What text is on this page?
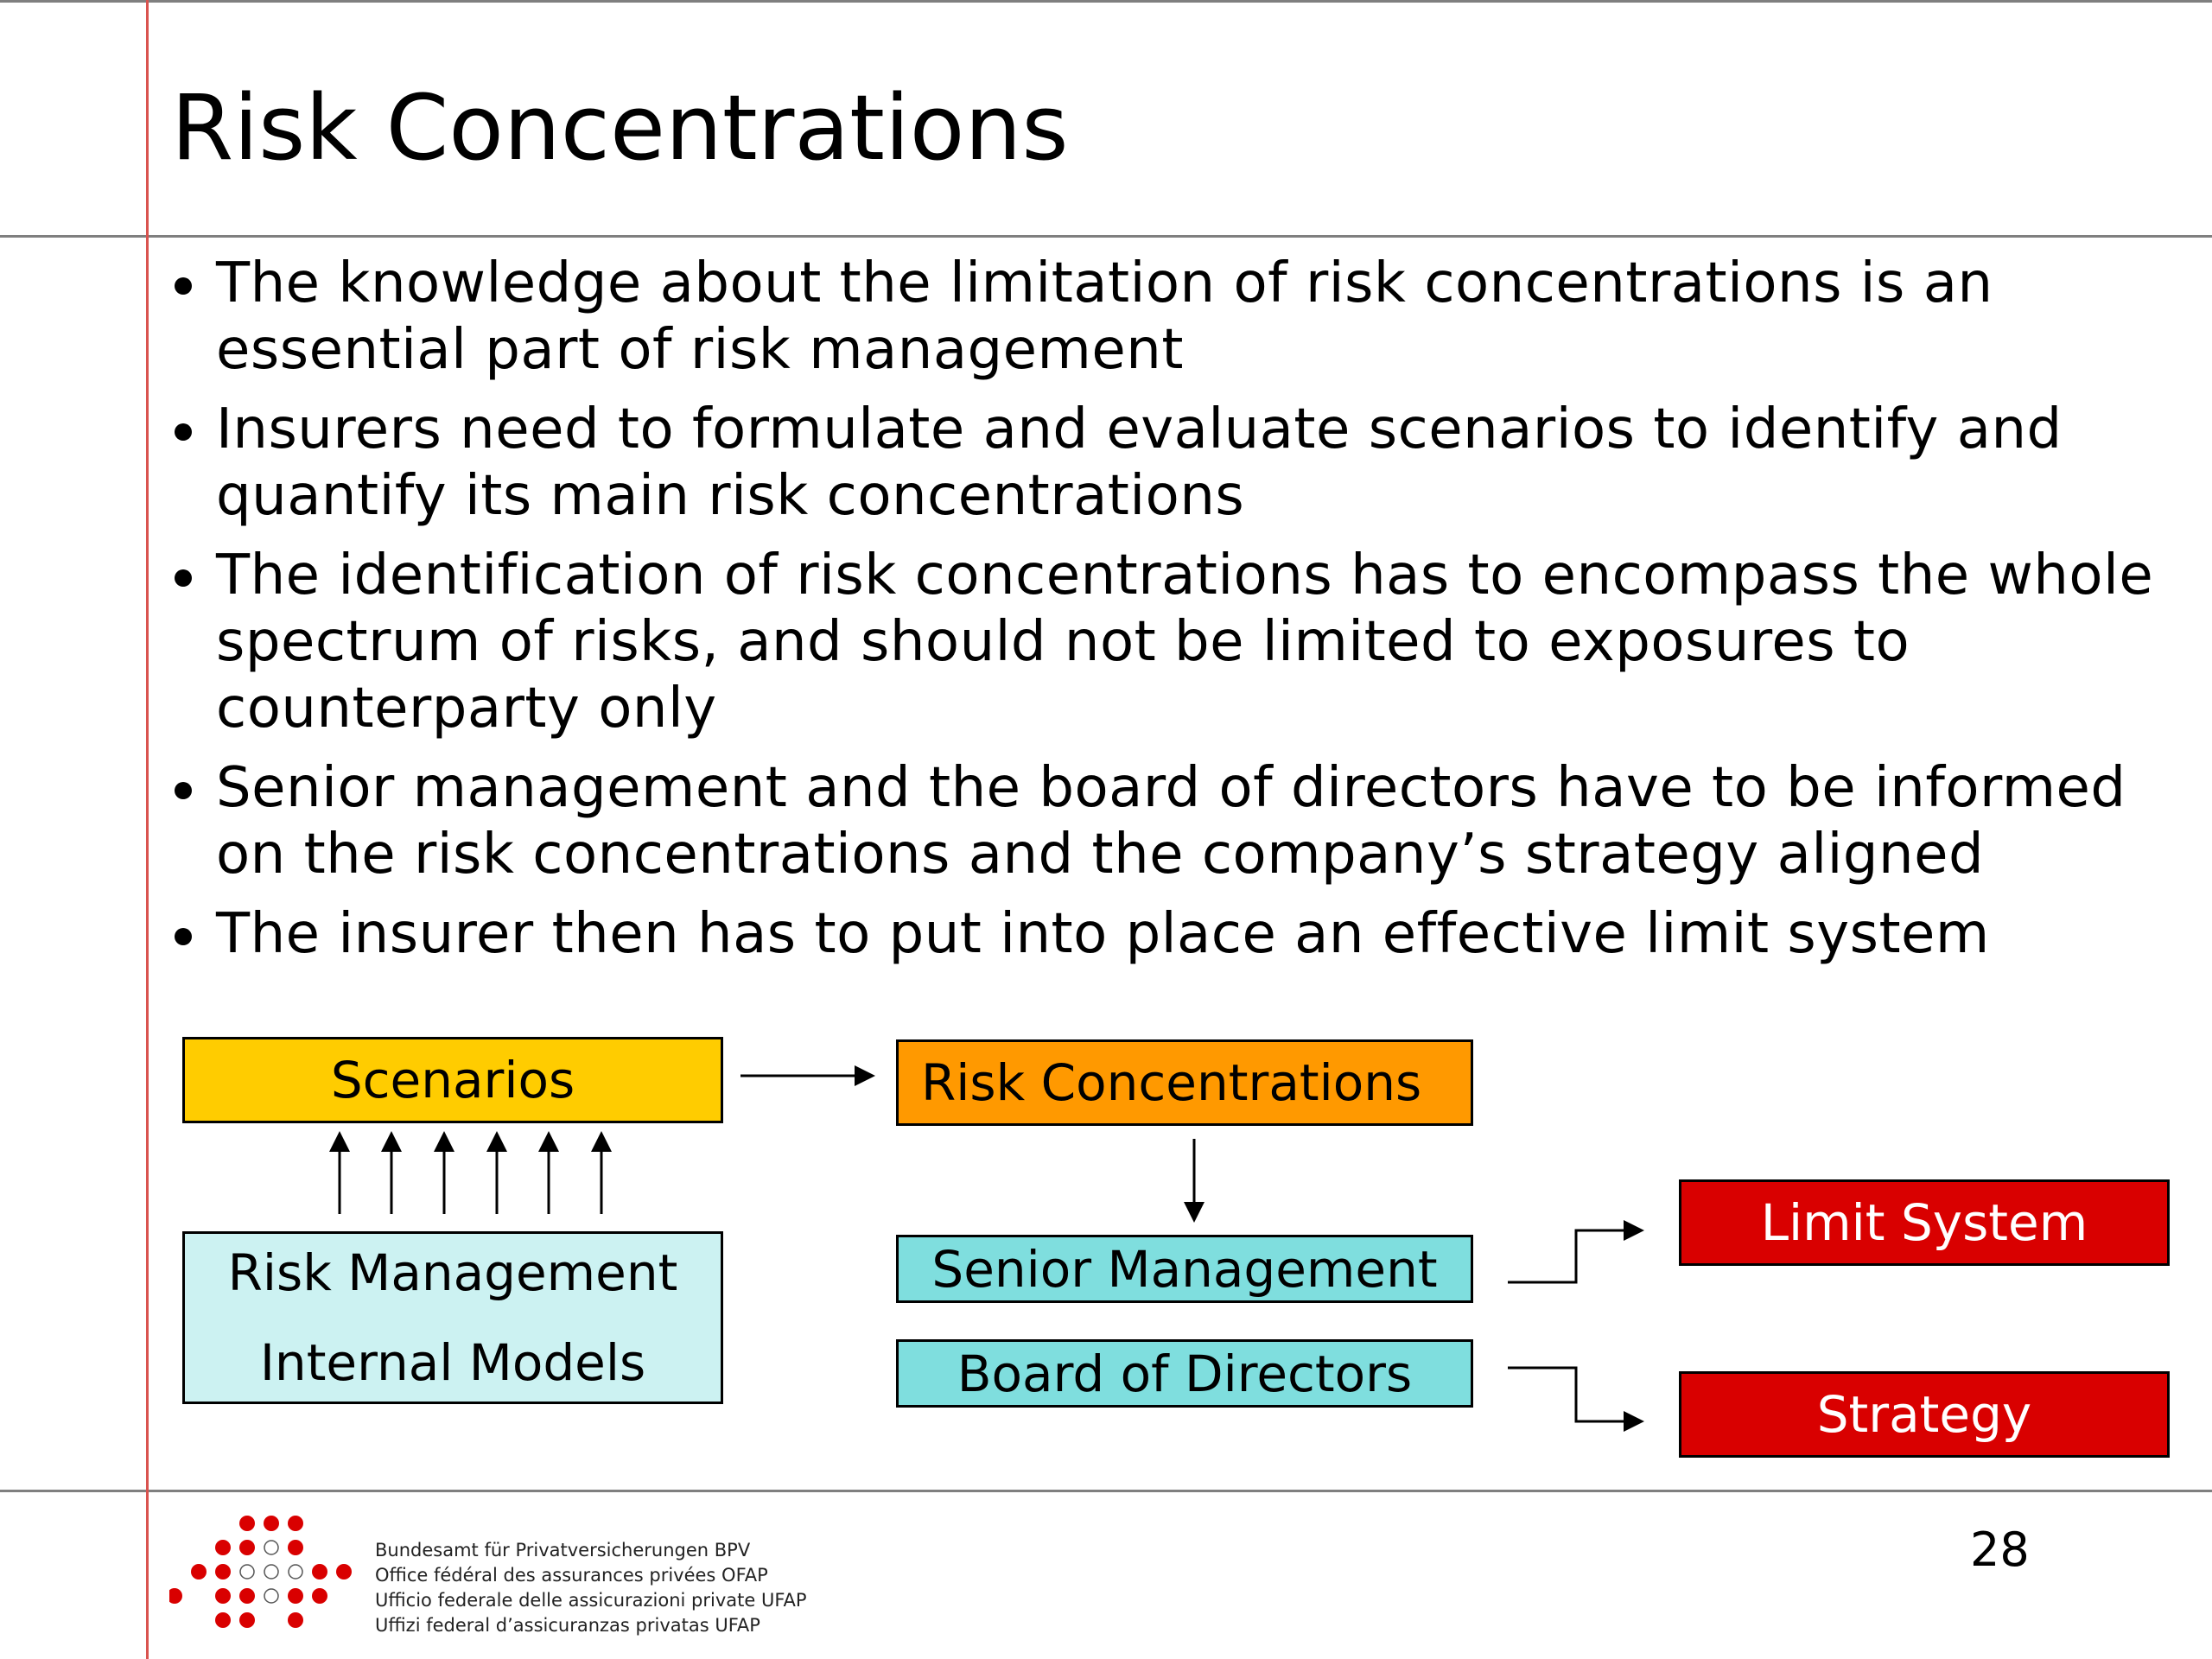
Risk Concentrations
The knowledge about the limitation of risk concentrations is an essential part of risk management
Insurers need to formulate and evaluate scenarios to identify and quantify its main risk concentrations
The identification of risk concentrations has to encompass the whole spectrum of risks, and should not be limited to exposures to counterparty only
Senior management and the board of directors have to be informed on the risk concentrations and the company’s strategy aligned
The insurer then has to put into place an effective limit system
Scenarios	Risk Concentrations
Risk Management
Internal Models
Senior Management
Board of Directors
Limit System
Strategy
Bundesamt für Privatversicherungen BPV
Office fédéral des assurances privées OFAP
Ufficio federale delle assicurazioni private UFAP
Uffizi federal d’assicuranzas privatas UFAP
28
